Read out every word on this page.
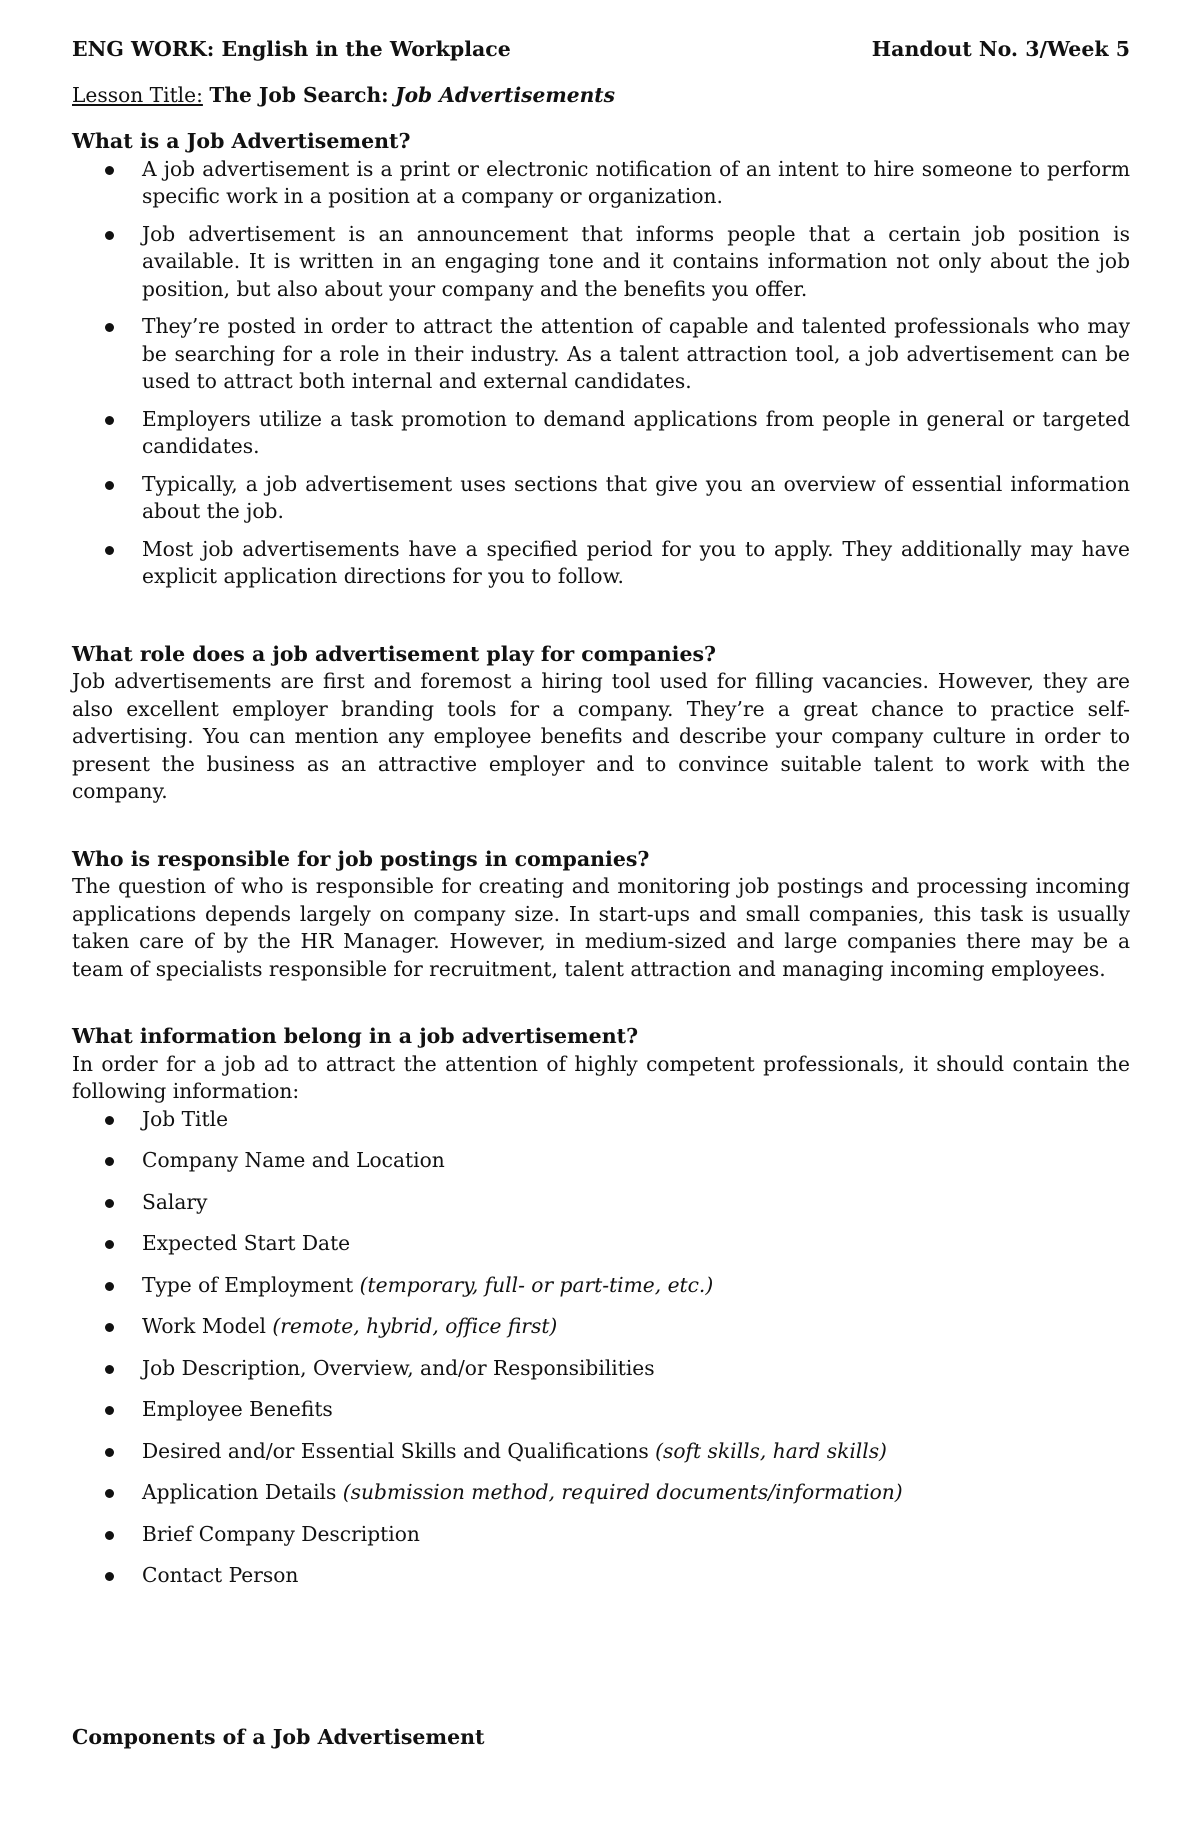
ENG WORK: English in the Workplace	Handout No. 3/Week 5
Lesson Title: The Job Search: Job Advertisements
What is a Job Advertisement?
A job advertisement is a print or electronic notification of an intent to hire someone to perform specific work in a position at a company or organization.
Job advertisement is an announcement that informs people that a certain job position is available. It is written in an engaging tone and it contains information not only about the job position, but also about your company and the benefits you offer.
They’re posted in order to attract the attention of capable and talented professionals who may be searching for a role in their industry. As a talent attraction tool, a job advertisement can be used to attract both internal and external candidates.
Employers utilize a task promotion to demand applications from people in general or targeted candidates.
Typically, a job advertisement uses sections that give you an overview of essential information about the job.
Most job advertisements have a specified period for you to apply. They additionally may have explicit application directions for you to follow.
What role does a job advertisement play for companies?
Job advertisements are first and foremost a hiring tool used for filling vacancies. However, they are also excellent employer branding tools for a company. They’re a great chance to practice self-advertising. You can mention any employee benefits and describe your company culture in order to present the business as an attractive employer and to convince suitable talent to work with the company.
Who is responsible for job postings in companies?
The question of who is responsible for creating and monitoring job postings and processing incoming applications depends largely on company size. In start-ups and small companies, this task is usually taken care of by the HR Manager. However, in medium-sized and large companies there may be a team of specialists responsible for recruitment, talent attraction and managing incoming employees.
What information belong in a job advertisement?
In order for a job ad to attract the attention of highly competent professionals, it should contain the following information:
Job Title
Company Name and Location
Salary
Expected Start Date
Type of Employment (temporary, full- or part-time, etc.)
Work Model (remote, hybrid, office first)
Job Description, Overview, and/or Responsibilities
Employee Benefits
Desired and/or Essential Skills and Qualifications (soft skills, hard skills)
Application Details (submission method, required documents/information)
Brief Company Description
Contact Person
Components of a Job Advertisement
